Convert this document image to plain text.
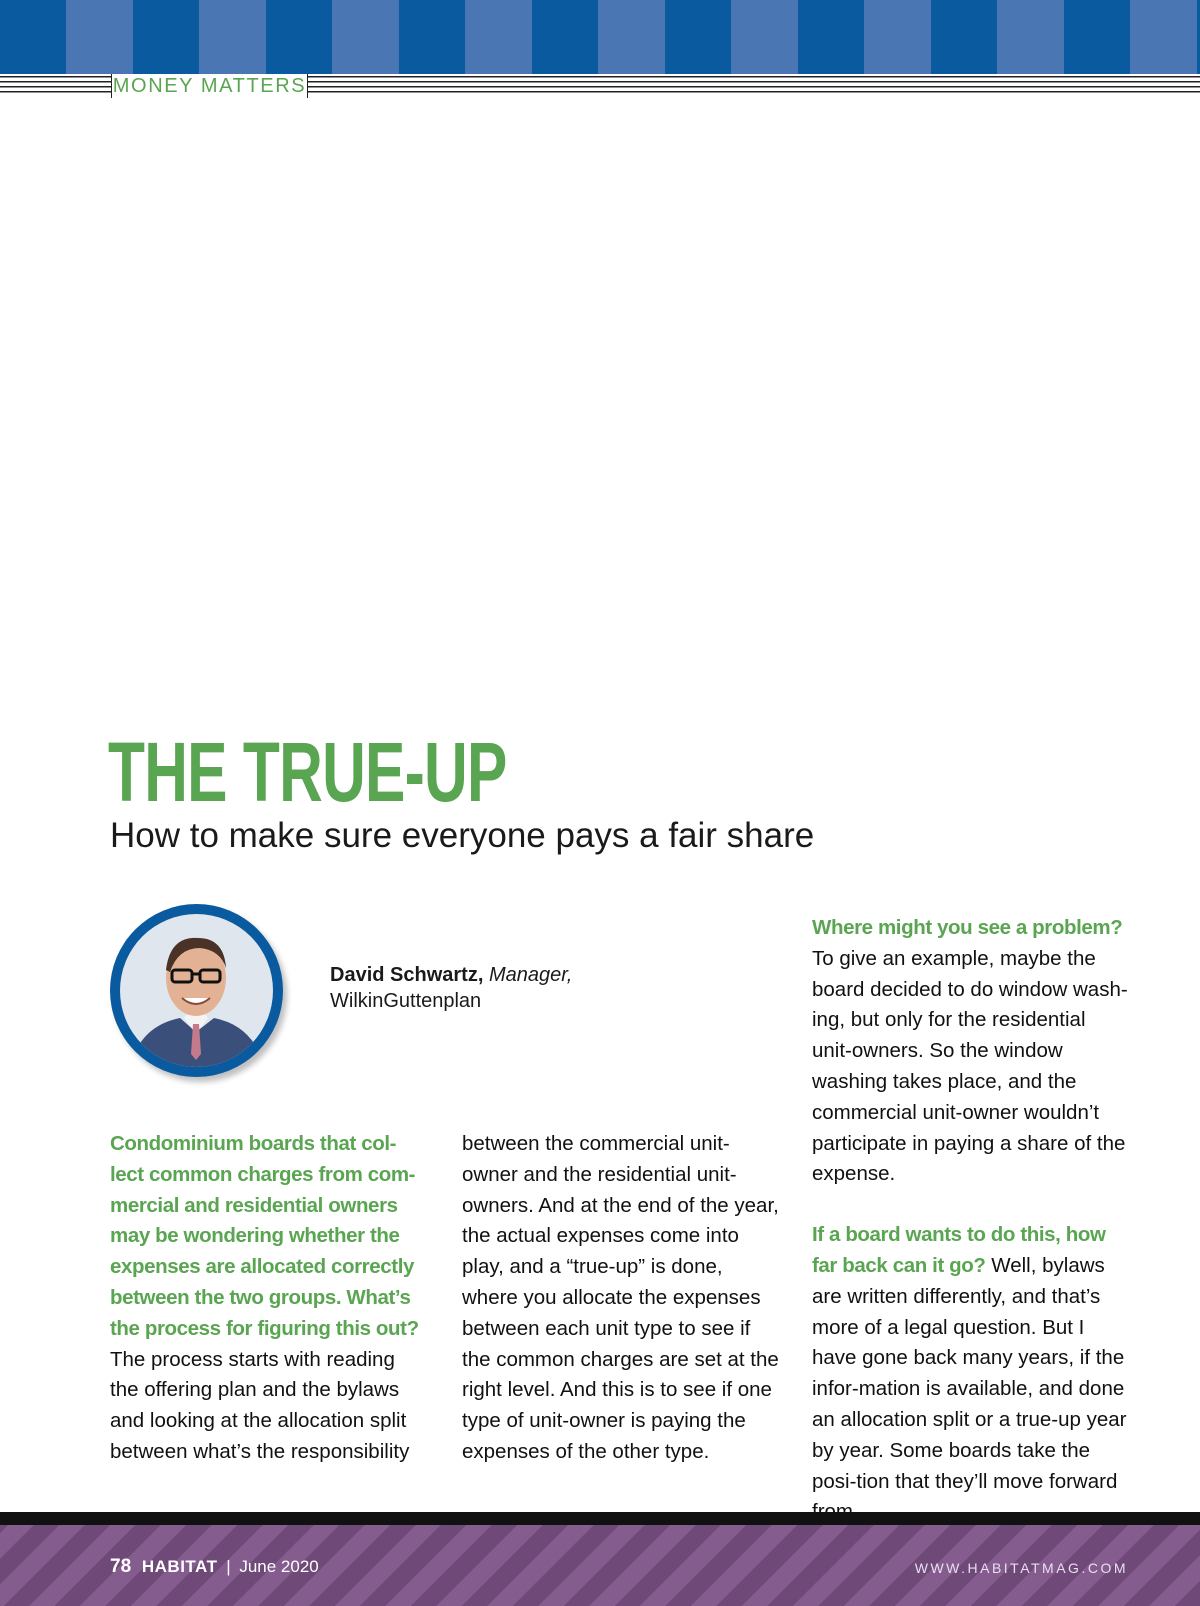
MONEY MATTERS
THE TRUE-UP
How to make sure everyone pays a fair share
David Schwartz, Manager,
WilkinGuttenplan

Condominium boards that col-lect common charges from com-mercial and residential owners may be wondering whether the expenses are allocated correctly between the two groups. What’s the process for figuring this out? The process starts with reading the offering plan and the bylaws and looking at the allocation split between what’s the responsibility

between the commercial unit-owner and the residential unit-owners. And at the end of the year, the actual expenses come into play, and a “true-up” is done, where you allocate the expenses between each unit type to see if the common charges are set at the right level. And this is to see if one type of unit-owner is paying the expenses of the other type.

Where might you see a problem?
To give an example, maybe the board decided to do window wash-ing, but only for the residential unit-owners. So the window washing takes place, and the commercial unit-owner wouldn’t participate in paying a share of the expense.

If a board wants to do this, how far back can it go? Well, bylaws are written differently, and that’s more of a legal question. But I have gone back many years, if the infor-mation is available, and done an allocation split or a true-up year by year. Some boards take the posi-tion that they’ll move forward

78 HABITAT | June 2020	WWW.HABITATMAG.COM
